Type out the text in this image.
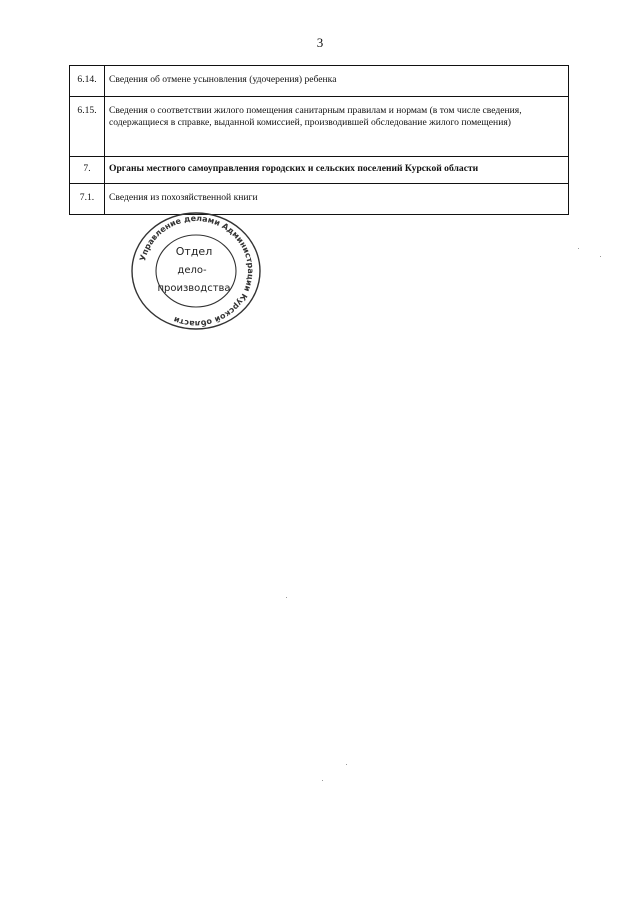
3
6.14.	Сведения об отмене усыновления (удочерения) ребенка
6.15.	Сведения о соответствии жилого помещения санитарным правилам и нормам (в том числе сведения, содержащиеся в справке, выданной комиссией, производившей обследование жилого помещения)
7.	Органы местного самоуправления городских и сельских поселений Курской области
7.1.	Сведения из похозяйственной книги
Управление делами Администрации Курской области
Отдел
дело-
производства
